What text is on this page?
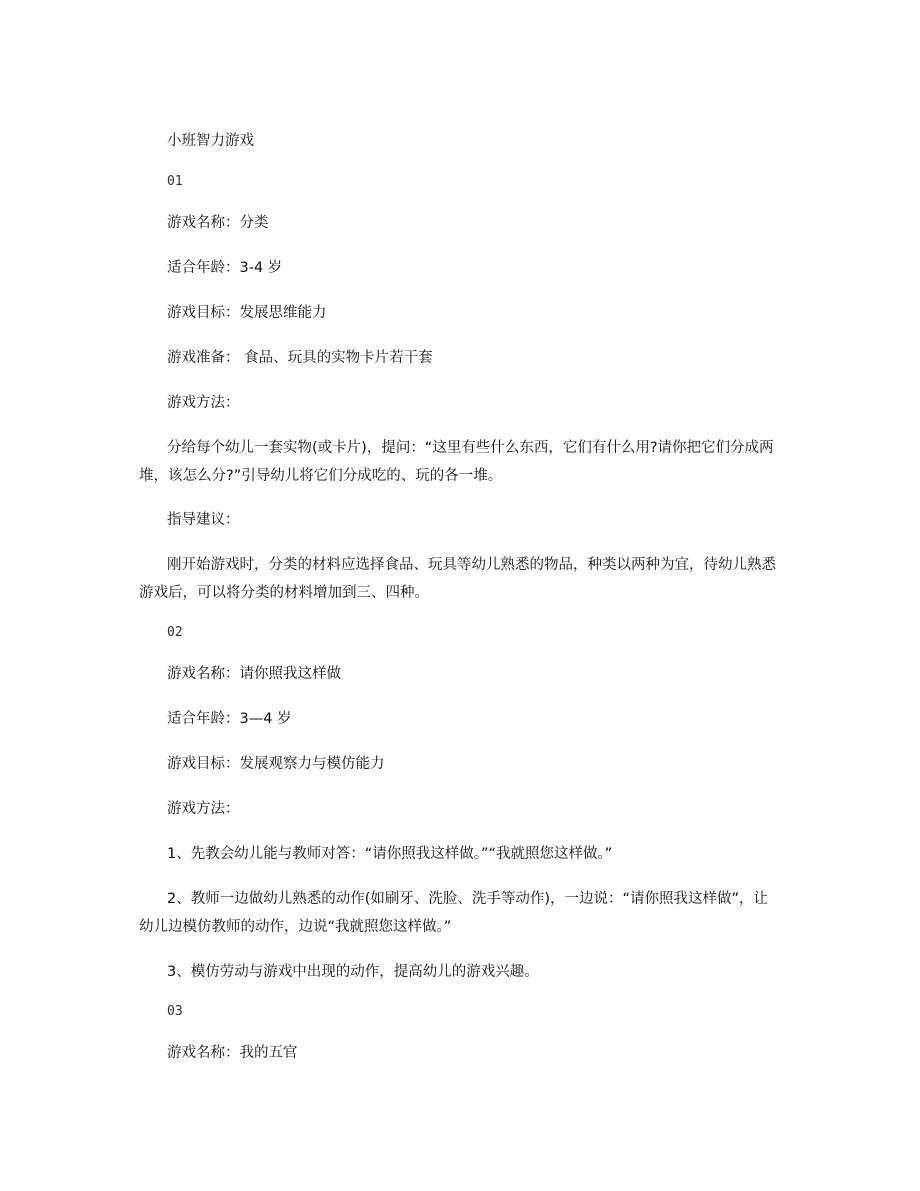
小班智力游戏
01
游戏名称：分类
适合年龄：3-4 岁
游戏目标：发展思维能力
游戏准备： 食品、玩具的实物卡片若干套
游戏方法：
分给每个幼儿一套实物(或卡片)，提问：“这里有些什么东西，它们有什么用?请你把它们分成两堆，该怎么分?”引导幼儿将它们分成吃的、玩的各一堆。
指导建议：
刚开始游戏时，分类的材料应选择食品、玩具等幼儿熟悉的物品，种类以两种为宜，待幼儿熟悉游戏后，可以将分类的材料增加到三、四种。
02
游戏名称：请你照我这样做
适合年龄：3—4 岁
游戏目标：发展观察力与模仿能力
游戏方法：
1、先教会幼儿能与教师对答：“请你照我这样做。”“我就照您这样做。”
2、教师一边做幼儿熟悉的动作(如刷牙、洗脸、洗手等动作)，一边说：“请你照我这样做”，让幼儿边模仿教师的动作，边说“我就照您这样做。”
3、模仿劳动与游戏中出现的动作，提高幼儿的游戏兴趣。
03
游戏名称：我的五官
